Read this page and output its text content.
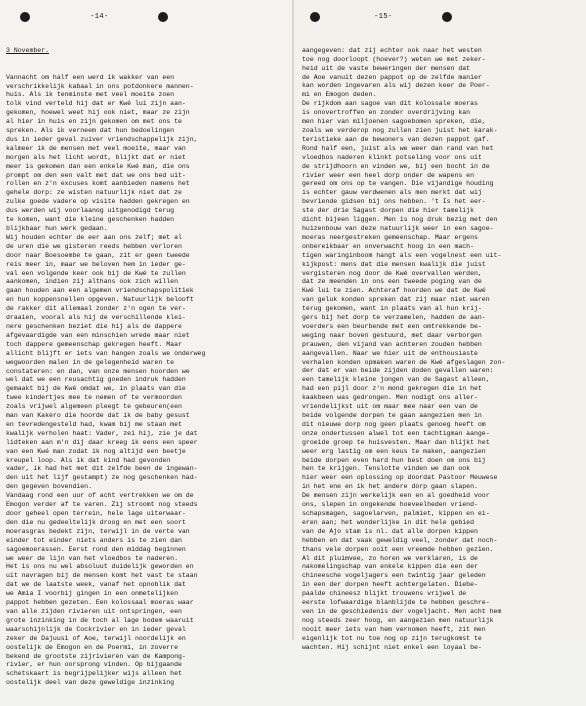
-14-

3 November.

Vannacht om half een werd ik wakker van een
verschrikkelijk kabaal in ons potdonkere mannen-
huis. Als ik tenminste met veel moeite zoen
tolk vind verteld hij dat er Kwé lui zijn aan-
gekomen, hoewel weet hij ook niet, maar ze zijn
al hier in huis en zijn gekomen om met ons te
spreken. Als ik verneem dat hun bedoelingen
dus in ieder geval zuiver vriendschappelijk zijn,
kalmeer ik de mensen met veel moeite, maar van
morgen als het licht wordt, blijkt dat er niet
meer is gekomen dan een enkele Kwé man, die ons
prompt om den een valt met dat we ons bed uit-
rollen en z'n excuses komt aanbieden namens het
gehele dorp: ze wisten natuurlijk niet dat ze
zulke goede vadere op visite hadden gekregen en
dus werden wij voorlaanog uitgenodigd terug
te komen, want die kleine geschenken hadden
blijkbaar hun werk gedaan.
Wij houden echter de eer aan ons zelf; met al
de uren die we gisteren reeds hebben verloren
door naar Boesoembe te gaan, zit er geen tweede
reis meer in, maar we beloven hem in ieder ge-
val een volgende keer ook bij de Kwé te zullen
aankomen, indien zij althans ook zich willen
gaan houden aan een algemen vriendschapspolitiek
en hun koppensnellen opgeven. Natuurlijk belooft
de rakker dit allemaal zonder z'n ogen te ver-
draaien, vooral als hij de verschillende klei-
nere geschenken beziet die hij als de dappere
afgevaardigde van een minschien wrede maar niet
toch dappere gemeenschap gekregen heeft. Maar
allicht blijft er iets van hangen zoals we onderweg
wegwoorden malen in de gelegenheid waren te
constateren: en dan, van onze mensen hoorden we
wel dat we een reusachtig goeden indruk hadden
gemaakt bij de Kwé omdat we, in plaats van die
twee kindertjes mee te nemen of te vermoorden
zoals vrijwel algemeen pleegt te gebeuren(een
man van Kakero die hoorde dat ik de baby gesust
en tevredengesteld had, kwam bij me staan met
kwalijk verholen haat: Vader, zei hij, zie je dat
lidteken aan m'n dij daar kreeg ik eens een speer
van een Kwé man zodat ik nog altijd een beetje
kreupel loop. Als ik dat kind had gevonden
vader, ik had het met dit zelfde been de ingewan-
den uit het lijf gestampt) ze nog geschenken had-
den gegeven bovendien.
Vandaag rond een uur of acht vertrekken we om de
Emogon verder af te varen. Zij stroomt nog steeds
door geheel open terrein, hele lage uiterwaar-
den die nu gedeeltelijk droog en met een soort
moerasgras bedekt zijn, terwijl in de verte van
einder tot einder niets anders is te zien dan
sagoemoerassen. Eerst rond den middag beginnen
we weer de lijn van het vloedbos te naderen.
Het is ons nu wel absoluut duidelijk geworden en
uit navragen bij de mensen komt het vast te staan
dat we de laatste week, vanaf het opnoblik dat
we Amia I voorbij gingen in een onmetelijken
pappot hebben gezeten. Een kolossaal moeras waar
van alle zijden rivieren uit ontspringen, een
grote inzinking in de toch al lage bodem waaruit
waarschijnlijk de Cockrivier en in ieder geval
zeker de Dajuusi of Aoe, terwijl noordelijk en
oostelijk de Emogon en de Poermi, in zoverre
bekend de grootste zijrivieren van de Kampong-
rivier, er hun oorsprong vinden. Op bijgaande
schetskaart is begrijpelijker wijs alleen het
oostelijk deel van deze geweldige inzinking

-15-

aangegeven: dat zij echter ook naar het westen
toe nog doorloopt (hoever?) weten we met zeker-
heid uit de vaste beweringen der mensen dat
de Aoe vanuit dezen pappot op de zelfde manier
kan worden ingevaren als wij dezen keer de Poer-
mi en Emogon deden.
De rijkdom aan sagoe van dit kolossale moeras
is onovertroffen en zonder overdrijving kan
men hier van miljoenen sagoebomen spreken, die,
zoals we verderop nog zullen zien juist het karak-
teristieke aan de bewoners van dezen pappot gaf.
Rond half een, juist als we weer dan rand van het
vloedbos naderen klinkt potseling voor ons uit
de strijdhoorn en vinden we, bij een bocht in de
rivier weer een heel dorp onder de wapens en
gereed om ons op te vangen. Die vijandige houding
is echter gauw verdwenen als men merkt dat wij
bevriende gidsen bij ons hebben. 't Is het eer-
ste der drie Sagast dorpen die hier tamelijk
dicht bijeen liggen. Men is nog druk bezig met den
huizenbouw van deze natuurlijk weer in een sagoe-
moeras neergestreken gemeenschap. Maar ergens
onbereikbaar en onverwacht hoog in een mach-
tigen waringinboom hangt als een vogelnest een uit-
kijkpost: mens dat die mensen kwalijk die juist
vergisteren nog door de Kwé overvallen werden,
dat ze meenden in ons een tweede poging van de
Kwé lui te zien. Achteraf hoorden we dat de Kwé
van geluk konden spreken dat zij maar niet waren
terug gekomen, want in plaats van al hun krij-
gers bij het dorp te verzamelen, hadden de aan-
voerders een beurbende met een omtrekkende be-
weging naar boven gestuurd, met daar verborgen
prauwen, den vijand van achteren zouden hebben
aangevallen. Naar we hier uit de enthousiaste
verhalen konden opmaken waren de Kwé afgeslagen zon-
der dat er van beide zijden doden gevallen waren:
een tamelijk kleine jongen van de Sagast alleen,
had een pijl door z'n mond gekregen die in het
kaakbeen was gedrongen. Men nodigt ons aller-
vriendelijkst uit om maar mee naar een van de
beide volgende dorpen te gaan aangezien men in
dit nieuwe dorp nog geen plaats genoeg heeft om
onze ondertussen alwel tot een tachtigman aange-
groeide groep te huisvesten. Maar dan blijkt het
weer erg lastig om een keus te maken, aangezien
beide dorpen even hard hun best doen om ons bij
hen te krijgen. Tenslotte vinden we dan ook
hier weer een oplossing op doordat Pastoor Meuwese
in het ene en ik het andere dorp gaan slapen.
De mensen zijn werkelijk een en al goedheid voor
ons, slepen in ongekende hoeveelheden vriend-
schapsmagen, sagoelarven, palmiet, kippen en ei-
eren aan; het wonderlijke in dit hele gebied
van de Ajo stam is nl. dat alle dorpen kippen
hebben en dat vaak geweldig veel, zonder dat noch-
thans vele dorpen ooit een vreemde hebben gezien.
Al dit pluimvee, zo horen we verklaren, is de
nakomelingschap van enkele kippen die een der
chineesche vogeljagers een twintig jaar geleden
in een der dorpen heeft achtergelaten. Diebe-
paalde chineesz blijkt trouwens vrijwel de
eerste lofwaardige blanblijde te hebben geschre-
ven in de geschiedenis der vogeljacht. Men acht hem
nog steeds zeer hoog, en aangezien men natuurlijk
nooit meer iets van hem vernomen heeft, zit men
eigenlijk tot nu toe nog op zijn terugkomst te
wachten. Hij schijnt niet enkel een loyaal be-
